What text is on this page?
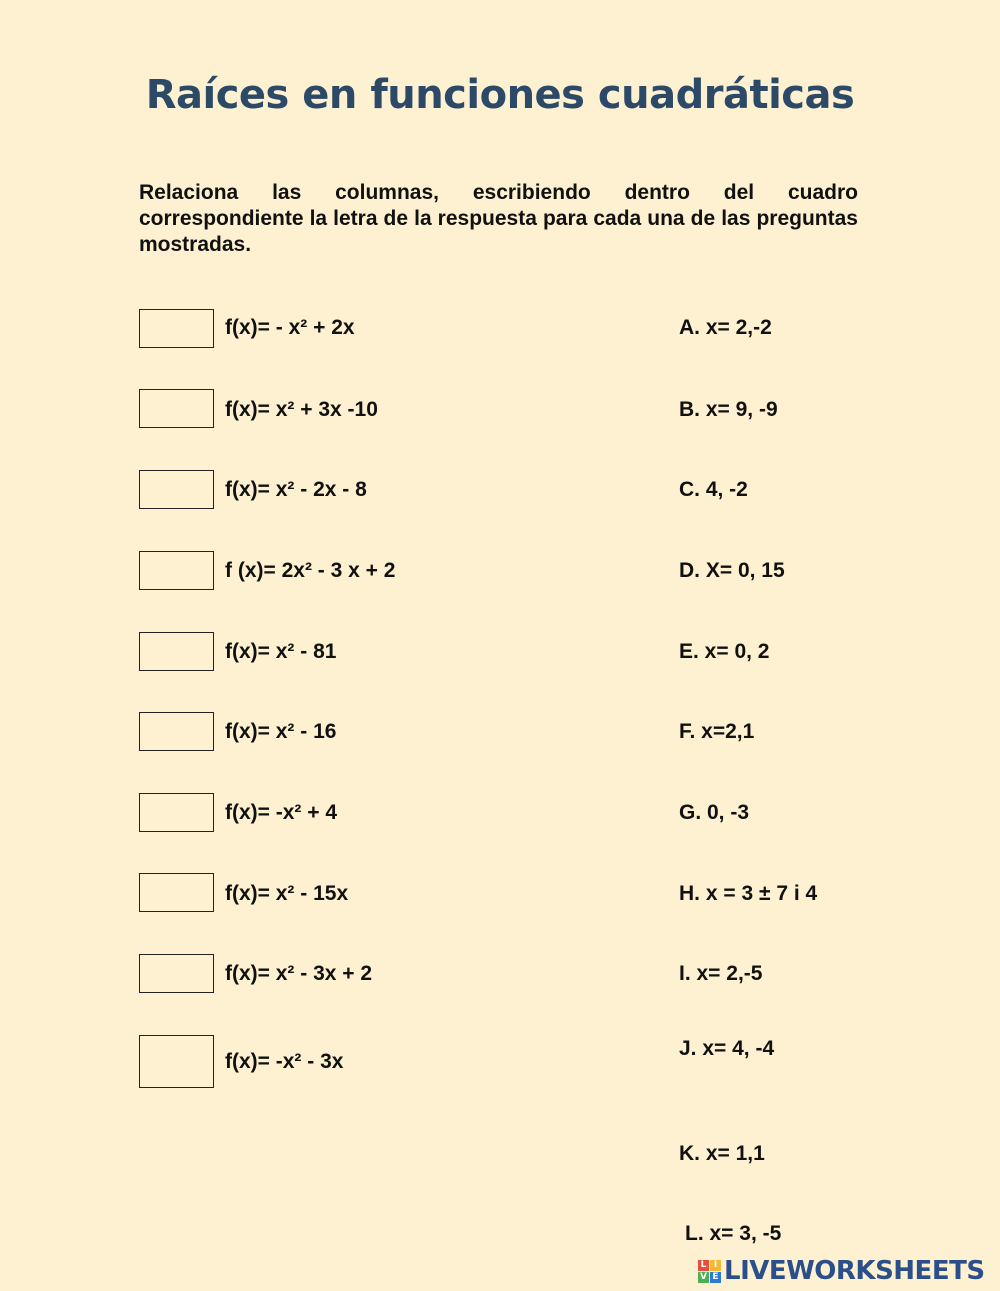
Raíces en funciones cuadráticas
Relaciona las columnas, escribiendo dentro del cuadro correspondiente la letra de la respuesta para cada una de las preguntas mostradas.
f(x)= - x² + 2x
f(x)= x² + 3x -10
f(x)= x² - 2x - 8
f (x)= 2x² - 3 x + 2
f(x)= x² - 81
f(x)= x² - 16
f(x)= -x² + 4
f(x)= x² - 15x
f(x)= x² - 3x + 2
f(x)= -x² - 3x
A. x= 2,-2
B. x= 9, -9
C. 4, -2
D. X= 0, 15
E. x= 0, 2
F. x=2,1
G. 0, -3
H. x = 3 ± 7 i 4
I. x= 2,-5
J. x= 4, -4
K. x= 1,1
L. x= 3, -5
L I
V E LIVEWORKSHEETS
